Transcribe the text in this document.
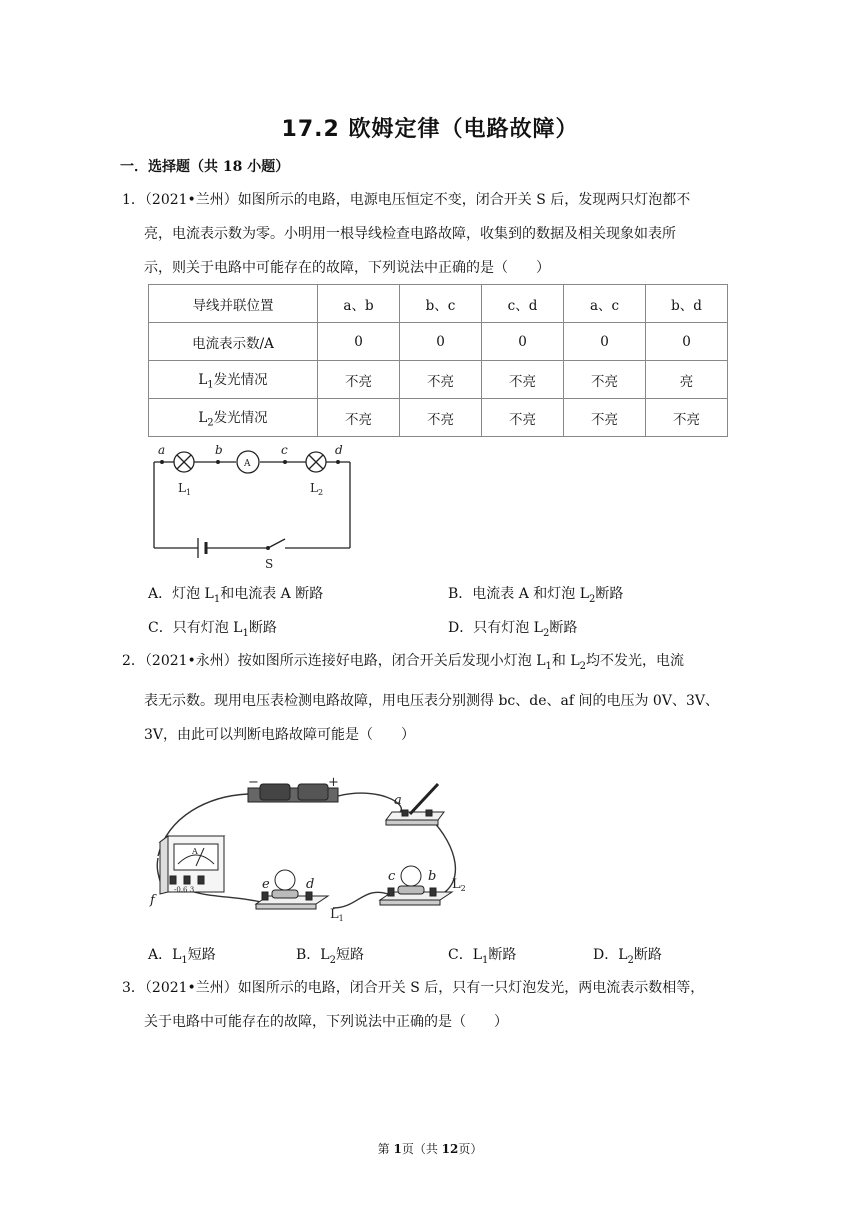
17.2 欧姆定律（电路故障）
一．选择题（共 18 小题）
1．（2021•兰州）如图所示的电路，电源电压恒定不变，闭合开关 S 后，发现两只灯泡都不
亮，电流表示数为零。小明用一根导线检查电路故障，收集到的数据及相关现象如表所
示，则关于电路中可能存在的故障，下列说法中正确的是（　　）
导线并联位置	a、b	b、c	c、d	a、c	b、d
电流表示数/A	0	0	0	0	0
$L_1$发光情况	不亮	不亮	不亮	不亮	亮
$L_2$发光情况	不亮	不亮	不亮	不亮	不亮
a	b	c	d
A
$L_1$	$L_2$
S
A．灯泡 $L_1$和电流表 A 断路	B．电流表 A 和灯泡 $L_2$断路
C．只有灯泡 $L_1$断路	D．只有灯泡 $L_2$断路
2．（2021•永州）按如图所示连接好电路，闭合开关后发现小灯泡 $L_1$和 $L_2$均不发光，电流
表无示数。现用电压表检测电路故障，用电压表分别测得 bc、de、af 间的电压为 0V、3V、
3V，由此可以判断电路故障可能是（　　）
−	+
a
A
-0.6 3
f
e	d
c	b
$L_1$
$L_2$
A．$L_1$短路	B．$L_2$短路	C．$L_1$断路	D．$L_2$断路
3．（2021•兰州）如图所示的电路，闭合开关 S 后，只有一只灯泡发光，两电流表示数相等，
关于电路中可能存在的故障，下列说法中正确的是（　　）
第 1页（共 12页）
